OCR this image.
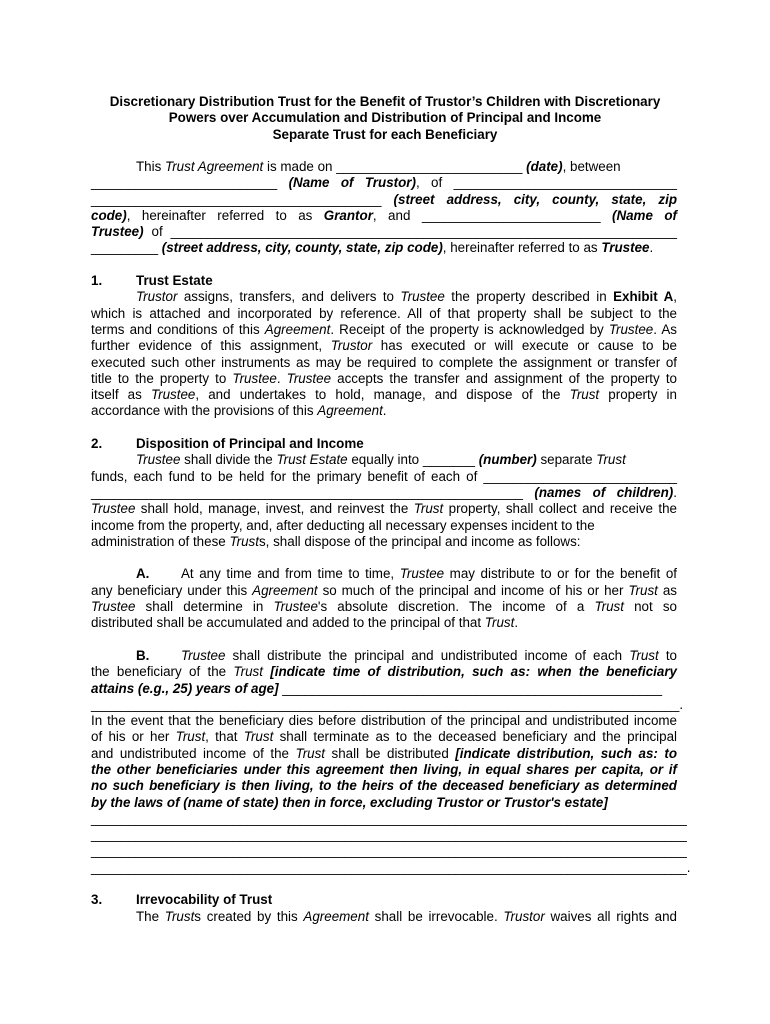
Discretionary Distribution Trust for the Benefit of Trustor’s Children with Discretionary
Powers over Accumulation and Distribution of Principal and Income
Separate Trust for each Beneficiary
This Trust Agreement is made on _________________________ (date), between
_________________________ (Name of Trustor), of ______________________________
_______________________________________ (street address, city, county, state, zip
code), hereinafter referred to as Grantor, and ________________________ (Name of
Trustee) of ____________________________________________________________________
_________ (street address, city, county, state, zip code), hereinafter referred to as Trustee.
1.	Trust Estate
Trustor assigns, transfers, and delivers to Trustee the property described in Exhibit A,
which is attached and incorporated by reference. All of that property shall be subject to the
terms and conditions of this Agreement. Receipt of the property is acknowledged by Trustee. As
further evidence of this assignment, Trustor has executed or will execute or cause to be
executed such other instruments as may be required to complete the assignment or transfer of
title to the property to Trustee. Trustee accepts the transfer and assignment of the property to
itself as Trustee, and undertakes to hold, manage, and dispose of the Trust property in
accordance with the provisions of this Agreement.
2.	Disposition of Principal and Income
Trustee shall divide the Trust Estate equally into _______ (number) separate Trust
funds, each fund to be held for the primary benefit of each of __________________________
__________________________________________________________ (names of children).
Trustee shall hold, manage, invest, and reinvest the Trust property, shall collect and receive the
income from the property, and, after deducting all necessary expenses incident to the
administration of these Trusts, shall dispose of the principal and income as follows:
A. At any time and from time to time, Trustee may distribute to or for the benefit of
any beneficiary under this Agreement so much of the principal and income of his or her Trust as
Trustee shall determine in Trustee's absolute discretion. The income of a Trust not so
distributed shall be accumulated and added to the principal of that Trust.
B. Trustee shall distribute the principal and undistributed income of each Trust to
the beneficiary of the Trust [indicate time of distribution, such as: when the beneficiary
attains (e.g., 25) years of age] ___________________________________________________
_______________________________________________________________________________.
In the event that the beneficiary dies before distribution of the principal and undistributed income
of his or her Trust, that Trust shall terminate as to the deceased beneficiary and the principal
and undistributed income of the Trust shall be distributed [indicate distribution, such as: to
the other beneficiaries under this agreement then living, in equal shares per capita, or if
no such beneficiary is then living, to the heirs of the deceased beneficiary as determined
by the laws of (name of state) then in force, excluding Trustor or Trustor's estate]
________________________________________________________________________________
________________________________________________________________________________
________________________________________________________________________________
________________________________________________________________________________.
3.	Irrevocability of Trust
The Trusts created by this Agreement shall be irrevocable. Trustor waives all rights and
